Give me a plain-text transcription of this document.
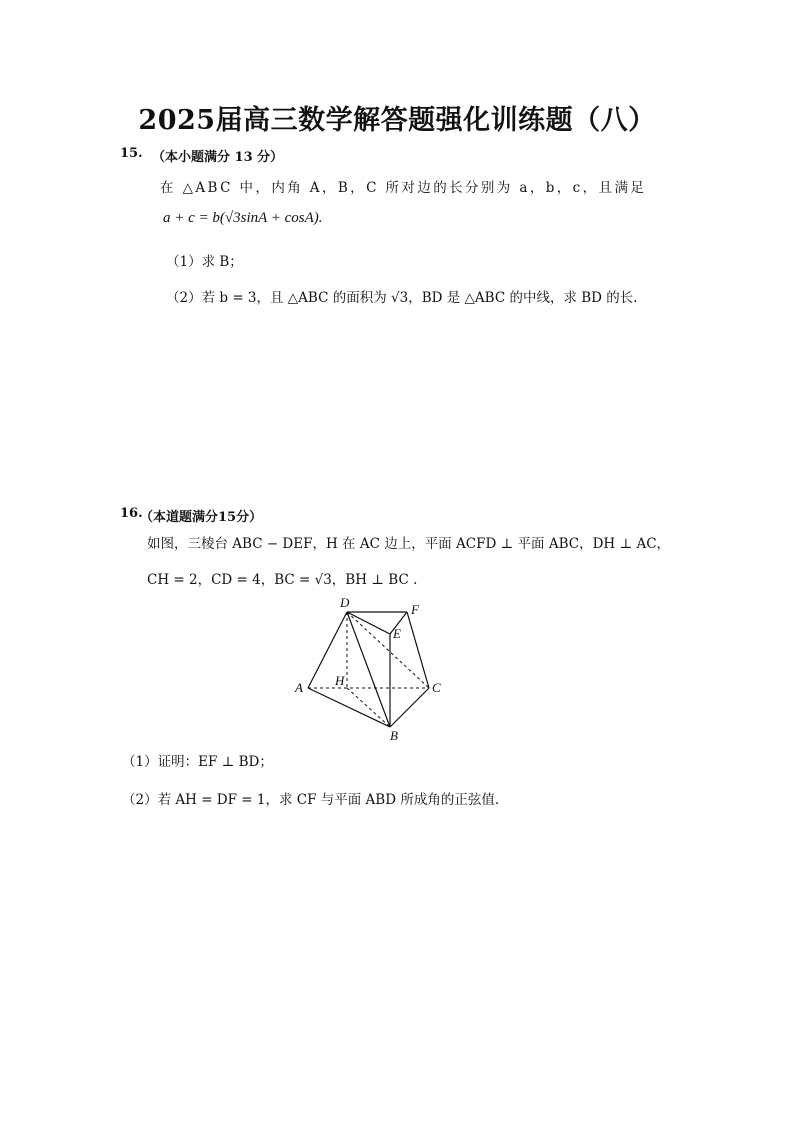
2025届高三数学解答题强化训练题（八）
15. （本小题满分 13 分）
在 △ABC 中，内角 A，B，C 所对边的长分别为 a，b，c，且满足
a + c = b(√3sinA + cosA).
（1）求 B；
（2）若 b = 3，且 △ABC 的面积为 √3，BD 是 △ABC 的中线，求 BD 的长.
16.
（本道题满分15分）
如图，三棱台 ABC − DEF，H 在 AC 边上，平面 ACFD ⊥ 平面 ABC，DH ⊥ AC，
CH = 2，CD = 4，BC = √3，BH ⊥ BC .
D	F
E
A H	C
B
（1）证明：EF ⊥ BD；
（2）若 AH = DF = 1，求 CF 与平面 ABD 所成角的正弦值.
